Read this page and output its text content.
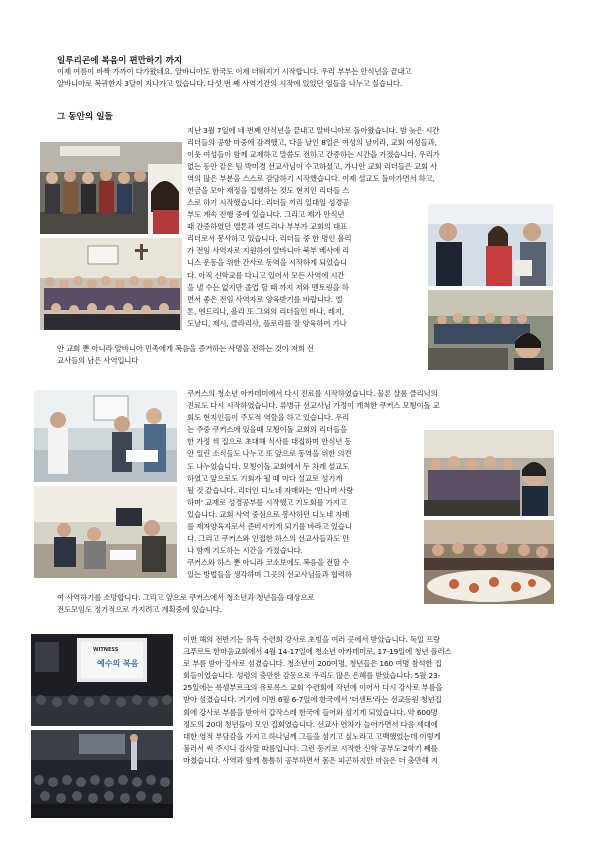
일루리곤에 복음이 편만하기 까지
이제 여름이 바짝 가까이 다가왔네요. 알바니아도 한국도 이제 더워지기 시작합니다. 우리 부부는 안식년을 끝내고
알바니아로 복귀한지 3달이 지나가고 있습니다. 다섯 번 째 사역기간의 시작에 있었던 일들을 나누고 싶습니다.
그 동안의 일들
지난 3월 7일에 네 번째 안식년을 끝내고 알바니아로 돌아왔습니다. 밤 늦은 시간
리더들의 공항 마중에 감격했고, 다음 날인 8일은 여성의 날이라, 교회 여성들과,
이웃 여성들이 함께 교제하고 말씀도 전하고 간증하는 시간을 가졌습니다. 우리가
없는 동안 같은 팀 박미경 선교사님이 수고하셨고, 가나안 교회 리더들은 교회 사
역의 많은 부분을 스스로 감당하기 시작했습니다. 이제 설교도 돌아가면서 하고,
헌금을 모아 재정을 집행하는 것도 현지인 리더들 스
스로 하기 시작했습니다. 리더들 끼리 일대일 성경공
부도 계속 진행 중에 있습니다. 그리고 제가 안식년
때 간증하였던 엘톤과 엔드리나 부부가 교회의 대표
리더로서 봉사하고 있습니다. 리더들 중 한 명인 욜리
가 전임 사역자로 지원하여 알바니아 북부 베사에 리
니스 운동을 위한 간사로 동역을 시작하게 되었습니
다. 아직 신학교를 다니고 있어서 모든 사역에 시간
을 낼 수는 없지만 졸업 할 때 까지 저와 멘토링을 하
면서 좋은 전임 사역자로 양육받기를 바랍니다. 엘
톤, 엔드리나, 욜리 또 그외의 리더들인 바나, 레지,
도날디, 제시, 클라리사, 플로리를 잘 양육하여 가나
안 교회 뿐 아니라 알바니아 민족에게 복음을 증거하는 사명을 전하는 것이 저희 선
교사들의 남은 사역입니다
쿠커스의 청소년 아카데미에서 다시 진료를 시작하였습니다. 물론 샬롬 클리닉의
진료도 다시 시작하였습니다. 류병규 선교사님 가정이 개척한 쿠커스 모툉이돌 교
회도 현지인들이 주도적 역할을 하고 있습니다. 우리
는 주중 쿠커스에 있을때 모툉이돌 교회의 리더들을
한 가정 씩 집으로 초대해 식사를 대접하며 안식년 동
안 밀린 소식들도 나누고 또 앞으로 동역을 위한 의견
도 나누었습니다. 모툉이돌 교회에서 두 차례 설교도
하였고 앞으로도 기회가 될 때 마다 설교로 섬기게
될 것 같습니다. 리더인 디노네 자매와는 '만나며 사랑
하며' 교재로 성경공부를 시작했고 기도회를 가지고
있습니다. 교회 사역 중심으로 봉사하던 디노네 자매
를 제자양육자로서 준비시키게 되기를 바라고 있습니
다. 그리고 쿠커스와 인접한 하스의 선교사들과도 만
나 함께 기도하는 시간을 가졌습니다.
쿠커스와 하스 뿐 아니라 코소보에도 복음을 전할 수
있는 방법들을 생각하며 그곳의 선교사님들과 협력하
여 사역하기를 소망합니다. 그리고 앞으로 쿠커스에서 청소년과 청년들을 대상으로
전도모임도 정기적으로 가지려고 계획중에 있습니다.
이번 해의 전반기는 유독 수련회 강사로 초빙을 여러 곳에서 받았습니다. 독일 프랑
크푸르트 한마음교회에서 4월 14-17일에 청소년 아카데미로, 17-19일에 청년 플러스
로 부름 받아 강사로 섬겼습니다. 청소년이 200여명, 청년들은 160 여명 참석한 집
회들이었습니다. 성령의 충만한 감동으로 우리도 많은 은혜를 받았습니다. 5월 23-
25일에는 룩셈부르크의 유로록스 교회 수련회에 작년에 이어서 다시 강사로 부름을
받아 섬겼습니다. 거기에 이번 6월 6-7일에 한국에서 '더센트'라는 선교동원 청년집
회에 강사로 부름을 받아서 갑작스레 한국에 들어와 섬기게 되었습니다. 약 600명
정도의 20대 청년들이 모인 집회였습니다. 선교사 연차가 늘어가면서 다음 세대에
대한 영적 부담감을 가지고 하나님께 그들을 섬기고 싶노라고 고백했었는데 이렇게
불러서 써 주시니 감사할 따름입니다. 그런 동기로 시작한 신학 공부도 2학기 째를
마쳤습니다. 사역과 함께 틈틈히 공부하면서 몸은 피곤하지만 마음은 더 충만해 지
WITNESS
예수의 복음
